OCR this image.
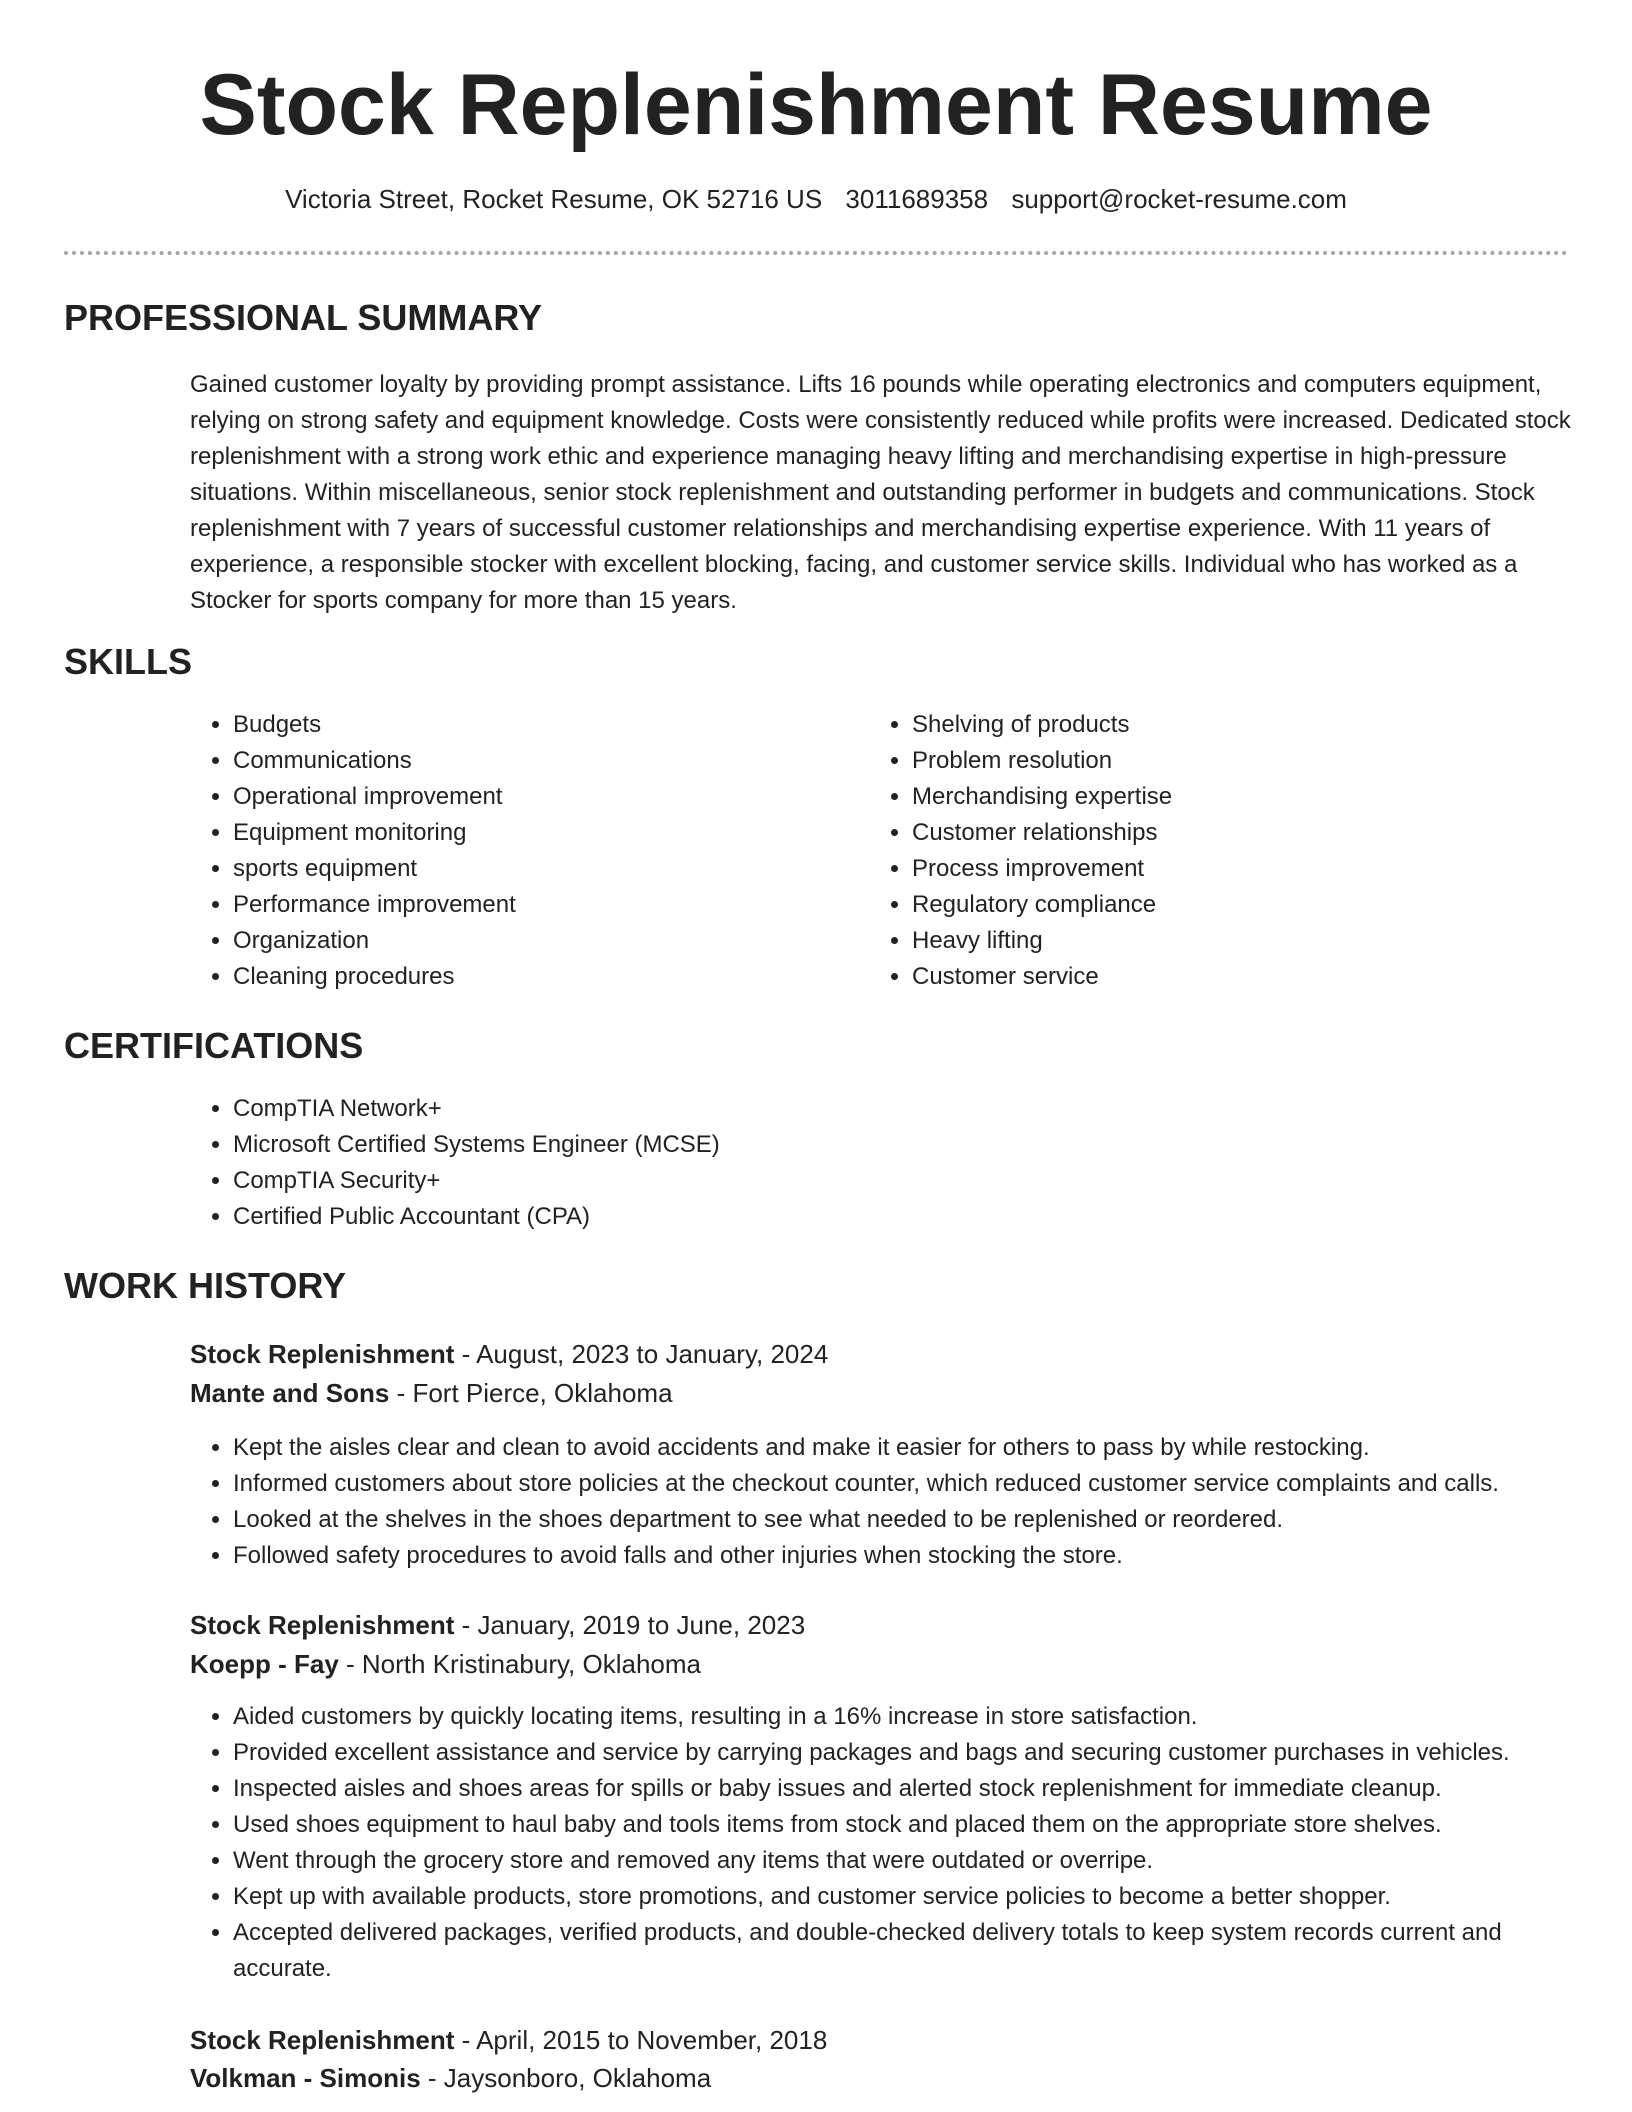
Stock Replenishment Resume
Victoria Street, Rocket Resume, OK 52716 US 3011689358 support@rocket-resume.com
PROFESSIONAL SUMMARY
Gained customer loyalty by providing prompt assistance. Lifts 16 pounds while operating electronics and computers equipment, relying on strong safety and equipment knowledge. Costs were consistently reduced while profits were increased. Dedicated stock replenishment with a strong work ethic and experience managing heavy lifting and merchandising expertise in high-pressure situations. Within miscellaneous, senior stock replenishment and outstanding performer in budgets and communications. Stock replenishment with 7 years of successful customer relationships and merchandising expertise experience. With 11 years of experience, a responsible stocker with excellent blocking, facing, and customer service skills. Individual who has worked as a Stocker for sports company for more than 15 years.
SKILLS
• Budgets
• Communications
• Operational improvement
• Equipment monitoring
• sports equipment
• Performance improvement
• Organization
• Cleaning procedures
• Shelving of products
• Problem resolution
• Merchandising expertise
• Customer relationships
• Process improvement
• Regulatory compliance
• Heavy lifting
• Customer service
CERTIFICATIONS
• CompTIA Network+
• Microsoft Certified Systems Engineer (MCSE)
• CompTIA Security+
• Certified Public Accountant (CPA)
WORK HISTORY
Stock Replenishment - August, 2023 to January, 2024
Mante and Sons - Fort Pierce, Oklahoma
• Kept the aisles clear and clean to avoid accidents and make it easier for others to pass by while restocking.
• Informed customers about store policies at the checkout counter, which reduced customer service complaints and calls.
• Looked at the shelves in the shoes department to see what needed to be replenished or reordered.
• Followed safety procedures to avoid falls and other injuries when stocking the store.
Stock Replenishment - January, 2019 to June, 2023
Koepp - Fay - North Kristinabury, Oklahoma
• Aided customers by quickly locating items, resulting in a 16% increase in store satisfaction.
• Provided excellent assistance and service by carrying packages and bags and securing customer purchases in vehicles.
• Inspected aisles and shoes areas for spills or baby issues and alerted stock replenishment for immediate cleanup.
• Used shoes equipment to haul baby and tools items from stock and placed them on the appropriate store shelves.
• Went through the grocery store and removed any items that were outdated or overripe.
• Kept up with available products, store promotions, and customer service policies to become a better shopper.
• Accepted delivered packages, verified products, and double-checked delivery totals to keep system records current and accurate.
Stock Replenishment - April, 2015 to November, 2018
Volkman - Simonis - Jaysonboro, Oklahoma
